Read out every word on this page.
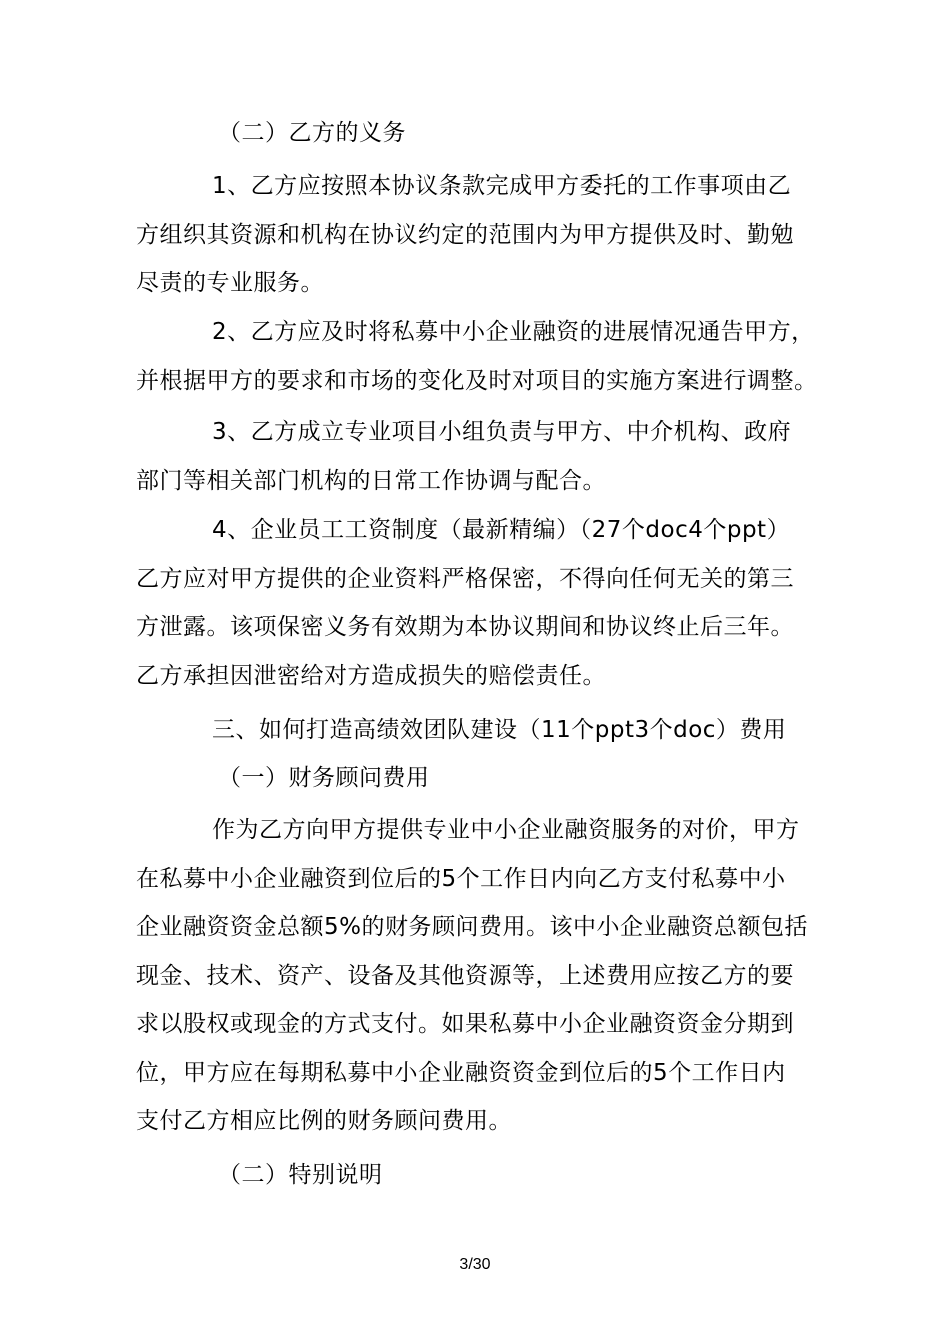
（二）乙方的义务
1、乙方应按照本协议条款完成甲方委托的工作事项由乙
方组织其资源和机构在协议约定的范围内为甲方提供及时、勤勉
尽责的专业服务。
2、乙方应及时将私募中小企业融资的进展情况通告甲方，
并根据甲方的要求和市场的变化及时对项目的实施方案进行调整。
3、乙方成立专业项目小组负责与甲方、中介机构、政府
部门等相关部门机构的日常工作协调与配合。
4、企业员工工资制度（最新精编）（27个doc4个ppt）
乙方应对甲方提供的企业资料严格保密，不得向任何无关的第三
方泄露。该项保密义务有效期为本协议期间和协议终止后三年。
乙方承担因泄密给对方造成损失的赔偿责任。
三、如何打造高绩效团队建设（11个ppt3个doc）费用
（一）财务顾问费用
作为乙方向甲方提供专业中小企业融资服务的对价，甲方
在私募中小企业融资到位后的5个工作日内向乙方支付私募中小
企业融资资金总额5%的财务顾问费用。该中小企业融资总额包括
现金、技术、资产、设备及其他资源等，上述费用应按乙方的要
求以股权或现金的方式支付。如果私募中小企业融资资金分期到
位，甲方应在每期私募中小企业融资资金到位后的5个工作日内
支付乙方相应比例的财务顾问费用。
（二）特别说明
3/30
